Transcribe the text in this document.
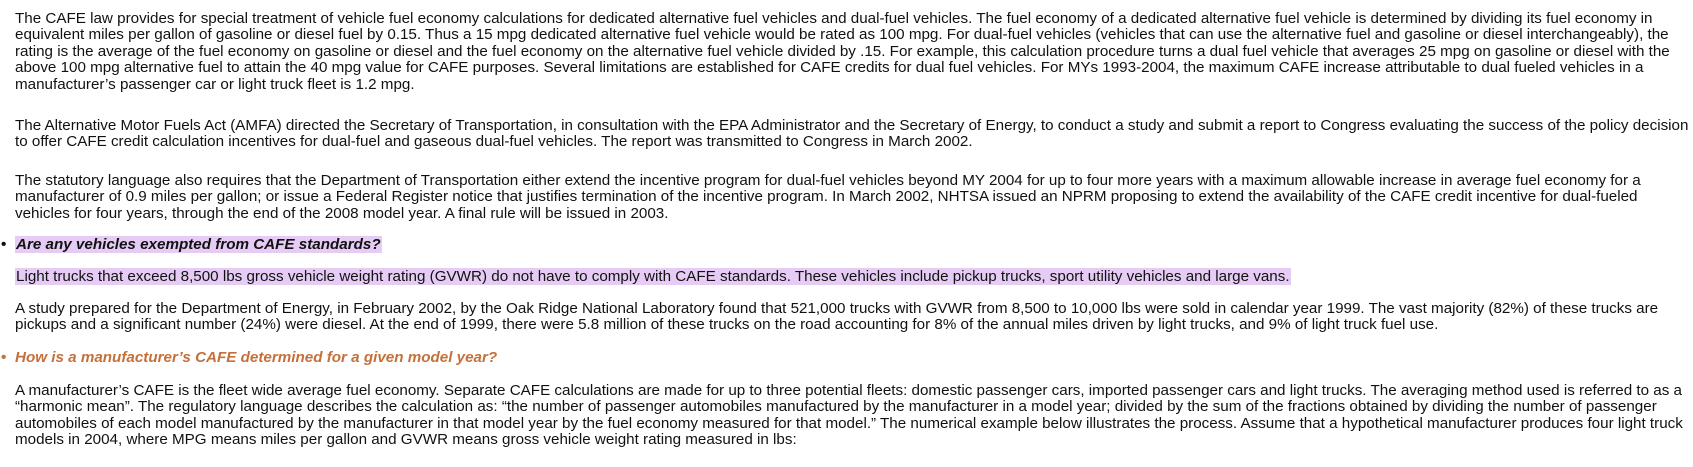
The CAFE law provides for special treatment of vehicle fuel economy calculations for dedicated alternative fuel vehicles and dual-fuel vehicles. The fuel economy of a dedicated alternative fuel vehicle is determined by dividing its fuel economy in equivalent miles per gallon of gasoline or diesel fuel by 0.15. Thus a 15 mpg dedicated alternative fuel vehicle would be rated as 100 mpg. For dual-fuel vehicles (vehicles that can use the alternative fuel and gasoline or diesel interchangeably), the rating is the average of the fuel economy on gasoline or diesel and the fuel economy on the alternative fuel vehicle divided by .15. For example, this calculation procedure turns a dual fuel vehicle that averages 25 mpg on gasoline or diesel with the above 100 mpg alternative fuel to attain the 40 mpg value for CAFE purposes. Several limitations are established for CAFE credits for dual fuel vehicles. For MYs 1993-2004, the maximum CAFE increase attributable to dual fueled vehicles in a manufacturer’s passenger car or light truck fleet is 1.2 mpg.

The Alternative Motor Fuels Act (AMFA) directed the Secretary of Transportation, in consultation with the EPA Administrator and the Secretary of Energy, to conduct a study and submit a report to Congress evaluating the success of the policy decision to offer CAFE credit calculation incentives for dual-fuel and gaseous dual-fuel vehicles. The report was transmitted to Congress in March 2002.

The statutory language also requires that the Department of Transportation either extend the incentive program for dual-fuel vehicles beyond MY 2004 for up to four more years with a maximum allowable increase in average fuel economy for a manufacturer of 0.9 miles per gallon; or issue a Federal Register notice that justifies termination of the incentive program. In March 2002, NHTSA issued an NPRM proposing to extend the availability of the CAFE credit incentive for dual-fueled vehicles for four years, through the end of the 2008 model year. A final rule will be issued in 2003.

• Are any vehicles exempted from CAFE standards?

Light trucks that exceed 8,500 lbs gross vehicle weight rating (GVWR) do not have to comply with CAFE standards. These vehicles include pickup trucks, sport utility vehicles and large vans.

A study prepared for the Department of Energy, in February 2002, by the Oak Ridge National Laboratory found that 521,000 trucks with GVWR from 8,500 to 10,000 lbs were sold in calendar year 1999. The vast majority (82%) of these trucks are pickups and a significant number (24%) were diesel. At the end of 1999, there were 5.8 million of these trucks on the road accounting for 8% of the annual miles driven by light trucks, and 9% of light truck fuel use.

• How is a manufacturer’s CAFE determined for a given model year?

A manufacturer’s CAFE is the fleet wide average fuel economy. Separate CAFE calculations are made for up to three potential fleets: domestic passenger cars, imported passenger cars and light trucks. The averaging method used is referred to as a “harmonic mean”. The regulatory language describes the calculation as: “the number of passenger automobiles manufactured by the manufacturer in a model year; divided by the sum of the fractions obtained by dividing the number of passenger automobiles of each model manufactured by the manufacturer in that model year by the fuel economy measured for that model.” The numerical example below illustrates the process. Assume that a hypothetical manufacturer produces four light truck models in 2004, where MPG means miles per gallon and GVWR means gross vehicle weight rating measured in lbs:
